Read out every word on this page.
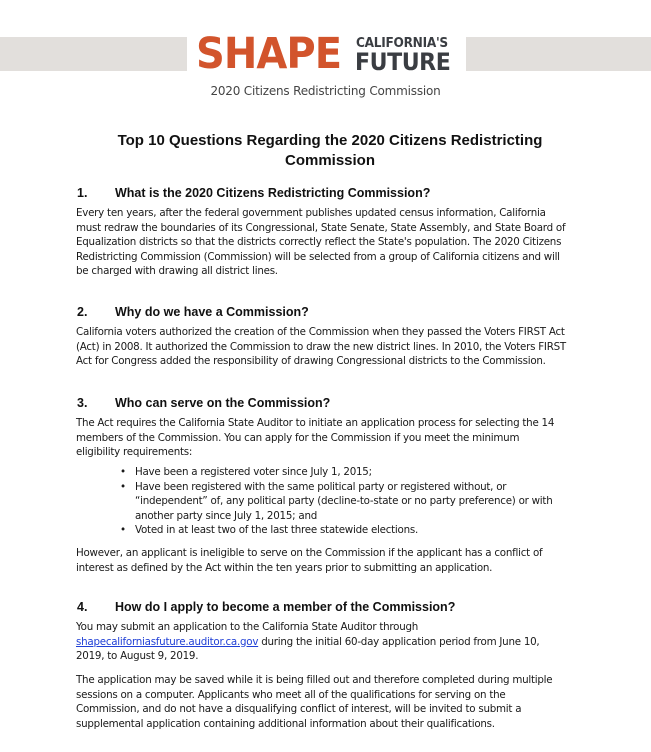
SHAPE CALIFORNIA'S
FUTURE
2020 Citizens Redistricting Commission
Top 10 Questions Regarding the 2020 Citizens Redistricting
Commission
1. What is the 2020 Citizens Redistricting Commission?

Every ten years, after the federal government publishes updated census information, California must redraw the boundaries of its Congressional, State Senate, State Assembly, and State Board of Equalization districts so that the districts correctly reflect the State's population. The 2020 Citizens Redistricting Commission (Commission) will be selected from a group of California citizens and will be charged with drawing all district lines.

2. Why do we have a Commission?

California voters authorized the creation of the Commission when they passed the Voters FIRST Act (Act) in 2008. It authorized the Commission to draw the new district lines. In 2010, the Voters FIRST Act for Congress added the responsibility of drawing Congressional districts to the Commission.

3. Who can serve on the Commission?

The Act requires the California State Auditor to initiate an application process for selecting the 14 members of the Commission. You can apply for the Commission if you meet the minimum eligibility requirements:

• Have been a registered voter since July 1, 2015;
• Have been registered with the same political party or registered without, or “independent” of, any political party (decline-to-state or no party preference) or with another party since July 1, 2015; and
• Voted in at least two of the last three statewide elections.

However, an applicant is ineligible to serve on the Commission if the applicant has a conflict of interest as defined by the Act within the ten years prior to submitting an application.

4. How do I apply to become a member of the Commission?

You may submit an application to the California State Auditor through
shapecaliforniasfuture.auditor.ca.gov during the initial 60-day application period from June 10, 2019, to August 9, 2019.

The application may be saved while it is being filled out and therefore completed during multiple sessions on a computer. Applicants who meet all of the qualifications for serving on the Commission, and do not have a disqualifying conflict of interest, will be invited to submit a supplemental application containing additional information about their qualifications.
